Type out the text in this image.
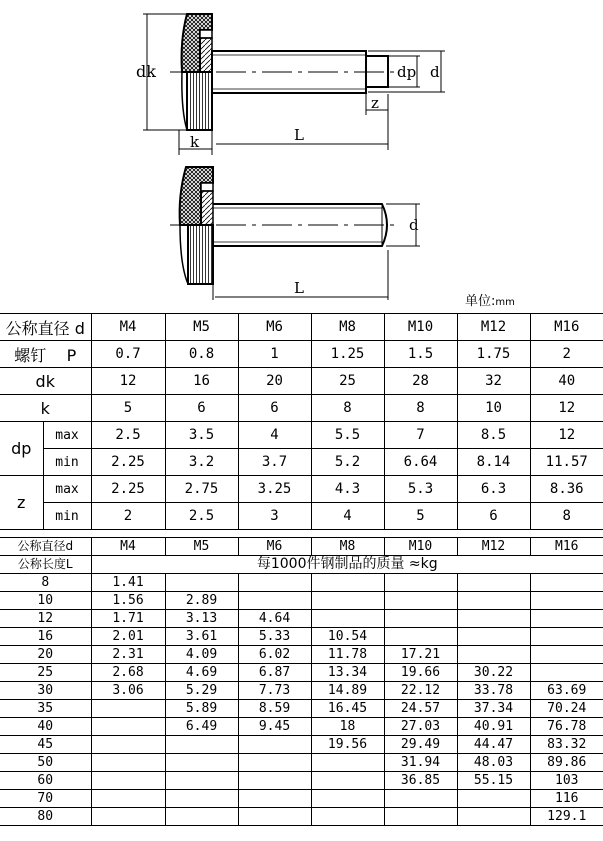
dk
k	L
dp d
z
d
L
单位:mm
公称直径 d		M4	M5	M6	M8	M10	M12	M16
螺钉    P		0.7	0.8	1	1.25	1.5	1.75	2
dk		12	16	20	25	28	32	40
k		5	6	6	8	8	10	12
dp	max	2.5	3.5	4	5.5	7	8.5	12
	min	2.25	3.2	3.7	5.2	6.64	8.14	11.57
z	max	2.25	2.75	3.25	4.3	5.3	6.3	8.36
	min	2	2.5	3	4	5	6	8
公称直径d	M4	M5	M6	M8	M10	M12	M16
公称长度L	每1000件钢制品的质量 ≈kg						
8	1.41						
10	1.56	2.89					
12	1.71	3.13	4.64				
16	2.01	3.61	5.33	10.54			
20	2.31	4.09	6.02	11.78	17.21		
25	2.68	4.69	6.87	13.34	19.66	30.22	
30	3.06	5.29	7.73	14.89	22.12	33.78	63.69
35		5.89	8.59	16.45	24.57	37.34	70.24
40		6.49	9.45	18	27.03	40.91	76.78
45				19.56	29.49	44.47	83.32
50					31.94	48.03	89.86
60					36.85	55.15	103
70							116
80							129.1
